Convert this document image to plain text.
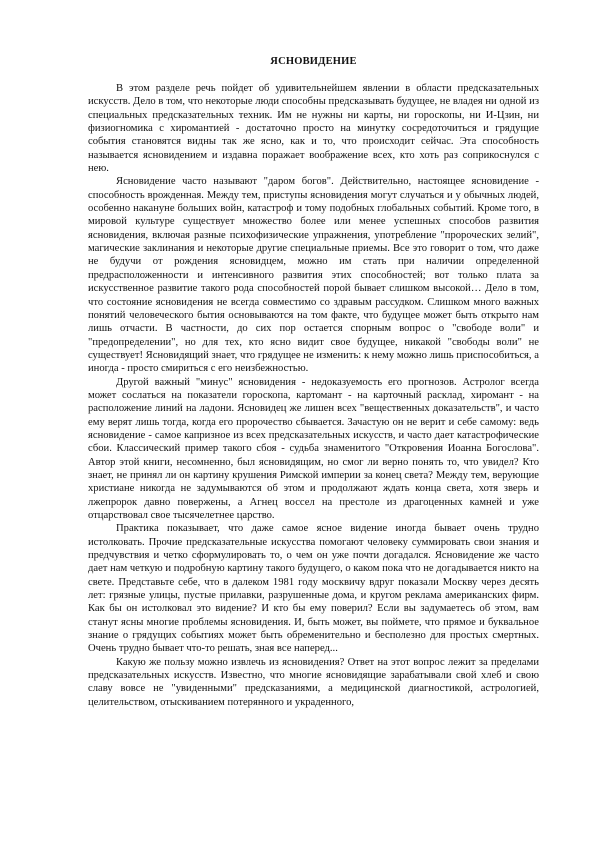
ЯСНОВИДЕНИЕ

В этом разделе речь пойдет об удивительнейшем явлении в области предсказательных искусств. Дело в том, что некоторые люди способны предсказывать будущее, не владея ни одной из специальных предсказательных техник. Им не нужны ни карты, ни гороскопы, ни И-Цзин, ни физиогномика с хиромантией - достаточно просто на минутку сосредоточиться и грядущие события становятся видны так же ясно, как и то, что происходит сейчас. Эта способность называется ясновидением и издавна поражает воображение всех, кто хоть раз соприкоснулся с нею.

Ясновидение часто называют "даром богов". Действительно, настоящее ясновидение - способность врожденная. Между тем, приступы ясновидения могут случаться и у обычных людей, особенно накануне больших войн, катастроф и тому подобных глобальных событий. Кроме того, в мировой культуре существует множество более или менее успешных способов развития ясновидения, включая разные психофизические упражнения, употребление "пророческих зелий", магические заклинания и некоторые другие специальные приемы. Все это говорит о том, что даже не будучи от рождения ясновидцем, можно им стать при наличии определенной предрасположенности и интенсивного развития этих способностей; вот только плата за искусственное развитие такого рода способностей порой бывает слишком высокой… Дело в том, что состояние ясновидения не всегда совместимо со здравым рассудком. Слишком много важных понятий человеческого бытия основываются на том факте, что будущее может быть открыто нам лишь отчасти. В частности, до сих пор остается спорным вопрос о "свободе воли" и "предопределении", но для тех, кто ясно видит свое будущее, никакой "свободы воли" не существует! Ясновидящий знает, что грядущее не изменить: к нему можно лишь приспособиться, а иногда - просто смириться с его неизбежностью.

Другой важный "минус" ясновидения - недоказуемость его прогнозов. Астролог всегда может сослаться на показатели гороскопа, картомант - на карточный расклад, хиромант - на расположение линий на ладони. Ясновидец же лишен всех "вещественных доказательств", и часто ему верят лишь тогда, когда его пророчество сбывается. Зачастую он не верит и себе самому: ведь ясновидение - самое капризное из всех предсказательных искусств, и часто дает катастрофические сбои. Классический пример такого сбоя - судьба знаменитого "Откровения Иоанна Богослова". Автор этой книги, несомненно, был ясновидящим, но смог ли верно понять то, что увидел? Кто знает, не принял ли он картину крушения Римской империи за конец света? Между тем, верующие христиане никогда не задумываются об этом и продолжают ждать конца света, хотя зверь и лжепророк давно повержены, а Агнец воссел на престоле из драгоценных камней и уже отцарствовал свое тысячелетнее царство.

Практика показывает, что даже самое ясное видение иногда бывает очень трудно истолковать. Прочие предсказательные искусства помогают человеку суммировать свои знания и предчувствия и четко сформулировать то, о чем он уже почти догадался. Ясновидение же часто дает нам четкую и подробную картину такого будущего, о каком пока что не догадывается никто на свете. Представьте себе, что в далеком 1981 году москвичу вдруг показали Москву через десять лет: грязные улицы, пустые прилавки, разрушенные дома, и кругом реклама американских фирм. Как бы он истолковал это видение? И кто бы ему поверил? Если вы задумаетесь об этом, вам станут ясны многие проблемы ясновидения. И, быть может, вы поймете, что прямое и буквальное знание о грядущих событиях может быть обременительно и бесполезно для простых смертных. Очень трудно бывает что-то решать, зная все наперед...

Какую же пользу можно извлечь из ясновидения? Ответ на этот вопрос лежит за пределами предсказательных искусств. Известно, что многие ясновидящие зарабатывали свой хлеб и свою славу вовсе не "увиденными" предсказаниями, а медицинской диагностикой, астрологией, целительством, отыскиванием потерянного и украденного,
